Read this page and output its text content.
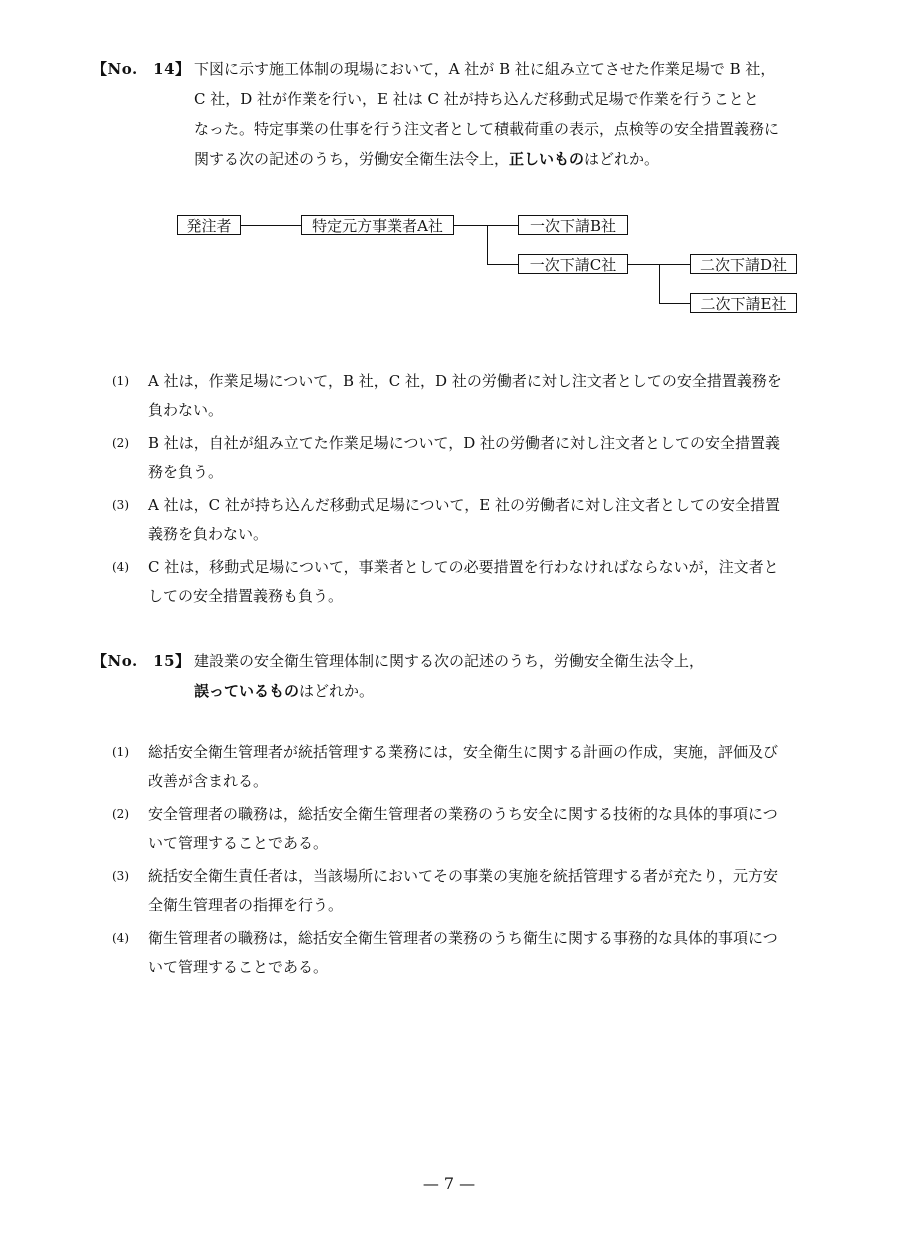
【No.　14】 下図に示す施工体制の現場において，A 社が B 社に組み立てさせた作業足場で B 社，

C 社，D 社が作業を行い，E 社は C 社が持ち込んだ移動式足場で作業を行うことと

なった。特定事業の仕事を行う注文者として積載荷重の表示，点検等の安全措置義務に

関する次の記述のうち，労働安全衛生法令上，正しいものはどれか。

発注者	特定元方事業者A社	一次下請B社
一次下請C社	二次下請D社
二次下請E社
(1)	A 社は，作業足場について，B 社，C 社，D 社の労働者に対し注文者としての安全措置義務を
負わない。
(2)	B 社は，自社が組み立てた作業足場について，D 社の労働者に対し注文者としての安全措置義
務を負う。
(3)	A 社は，C 社が持ち込んだ移動式足場について，E 社の労働者に対し注文者としての安全措置
義務を負わない。
(4)	C 社は，移動式足場について，事業者としての必要措置を行わなければならないが，注文者と
しての安全措置義務も負う。
【No.　15】 建設業の安全衛生管理体制に関する次の記述のうち，労働安全衛生法令上，

誤っているものはどれか。

(1)	総括安全衛生管理者が統括管理する業務には，安全衛生に関する計画の作成，実施，評価及び
改善が含まれる。
(2)	安全管理者の職務は，総括安全衛生管理者の業務のうち安全に関する技術的な具体的事項につ
いて管理することである。
(3)	統括安全衛生責任者は，当該場所においてその事業の実施を統括管理する者が充たり，元方安
全衛生管理者の指揮を行う。
(4)	衛生管理者の職務は，総括安全衛生管理者の業務のうち衛生に関する事務的な具体的事項につ
いて管理することである。
— 7 —
